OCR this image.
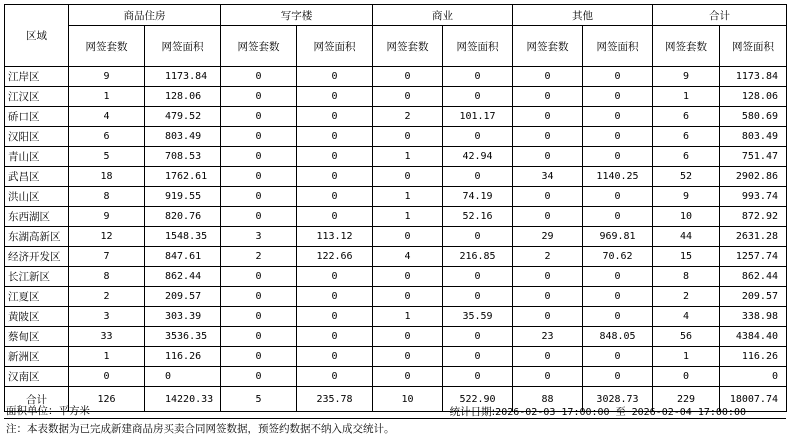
区域	商品住房		写字楼		商业		其他		合计	
	网签套数	网签面积	网签套数	网签面积	网签套数	网签面积	网签套数	网签面积	网签套数	网签面积
江岸区	9	1173.84	0	0	0	0	0	0	9	1173.84
江汉区	1	128.06	0	0	0	0	0	0	1	128.06
硚口区	4	479.52	0	0	2	101.17	0	0	6	580.69
汉阳区	6	803.49	0	0	0	0	0	0	6	803.49
青山区	5	708.53	0	0	1	42.94	0	0	6	751.47
武昌区	18	1762.61	0	0	0	0	34	1140.25	52	2902.86
洪山区	8	919.55	0	0	1	74.19	0	0	9	993.74
东西湖区	9	820.76	0	0	1	52.16	0	0	10	872.92
东湖高新区	12	1548.35	3	113.12	0	0	29	969.81	44	2631.28
经济开发区	7	847.61	2	122.66	4	216.85	2	70.62	15	1257.74
长江新区	8	862.44	0	0	0	0	0	0	8	862.44
江夏区	2	209.57	0	0	0	0	0	0	2	209.57
黄陂区	3	303.39	0	0	1	35.59	0	0	4	338.98
蔡甸区	33	3536.35	0	0	0	0	23	848.05	56	4384.40
新洲区	1	116.26	0	0	0	0	0	0	1	116.26
汉南区	0	0	0	0	0	0	0	0	0	0
合计	126	14220.33	5	235.78	10	522.90	88	3028.73	229	18007.74
面积单位：平方米	统计日期:2026-02-03 17:00:00 至 2026-02-04 17:00:00
注：本表数据为已完成新建商品房买卖合同网签数据，预签约数据不纳入成交统计。
